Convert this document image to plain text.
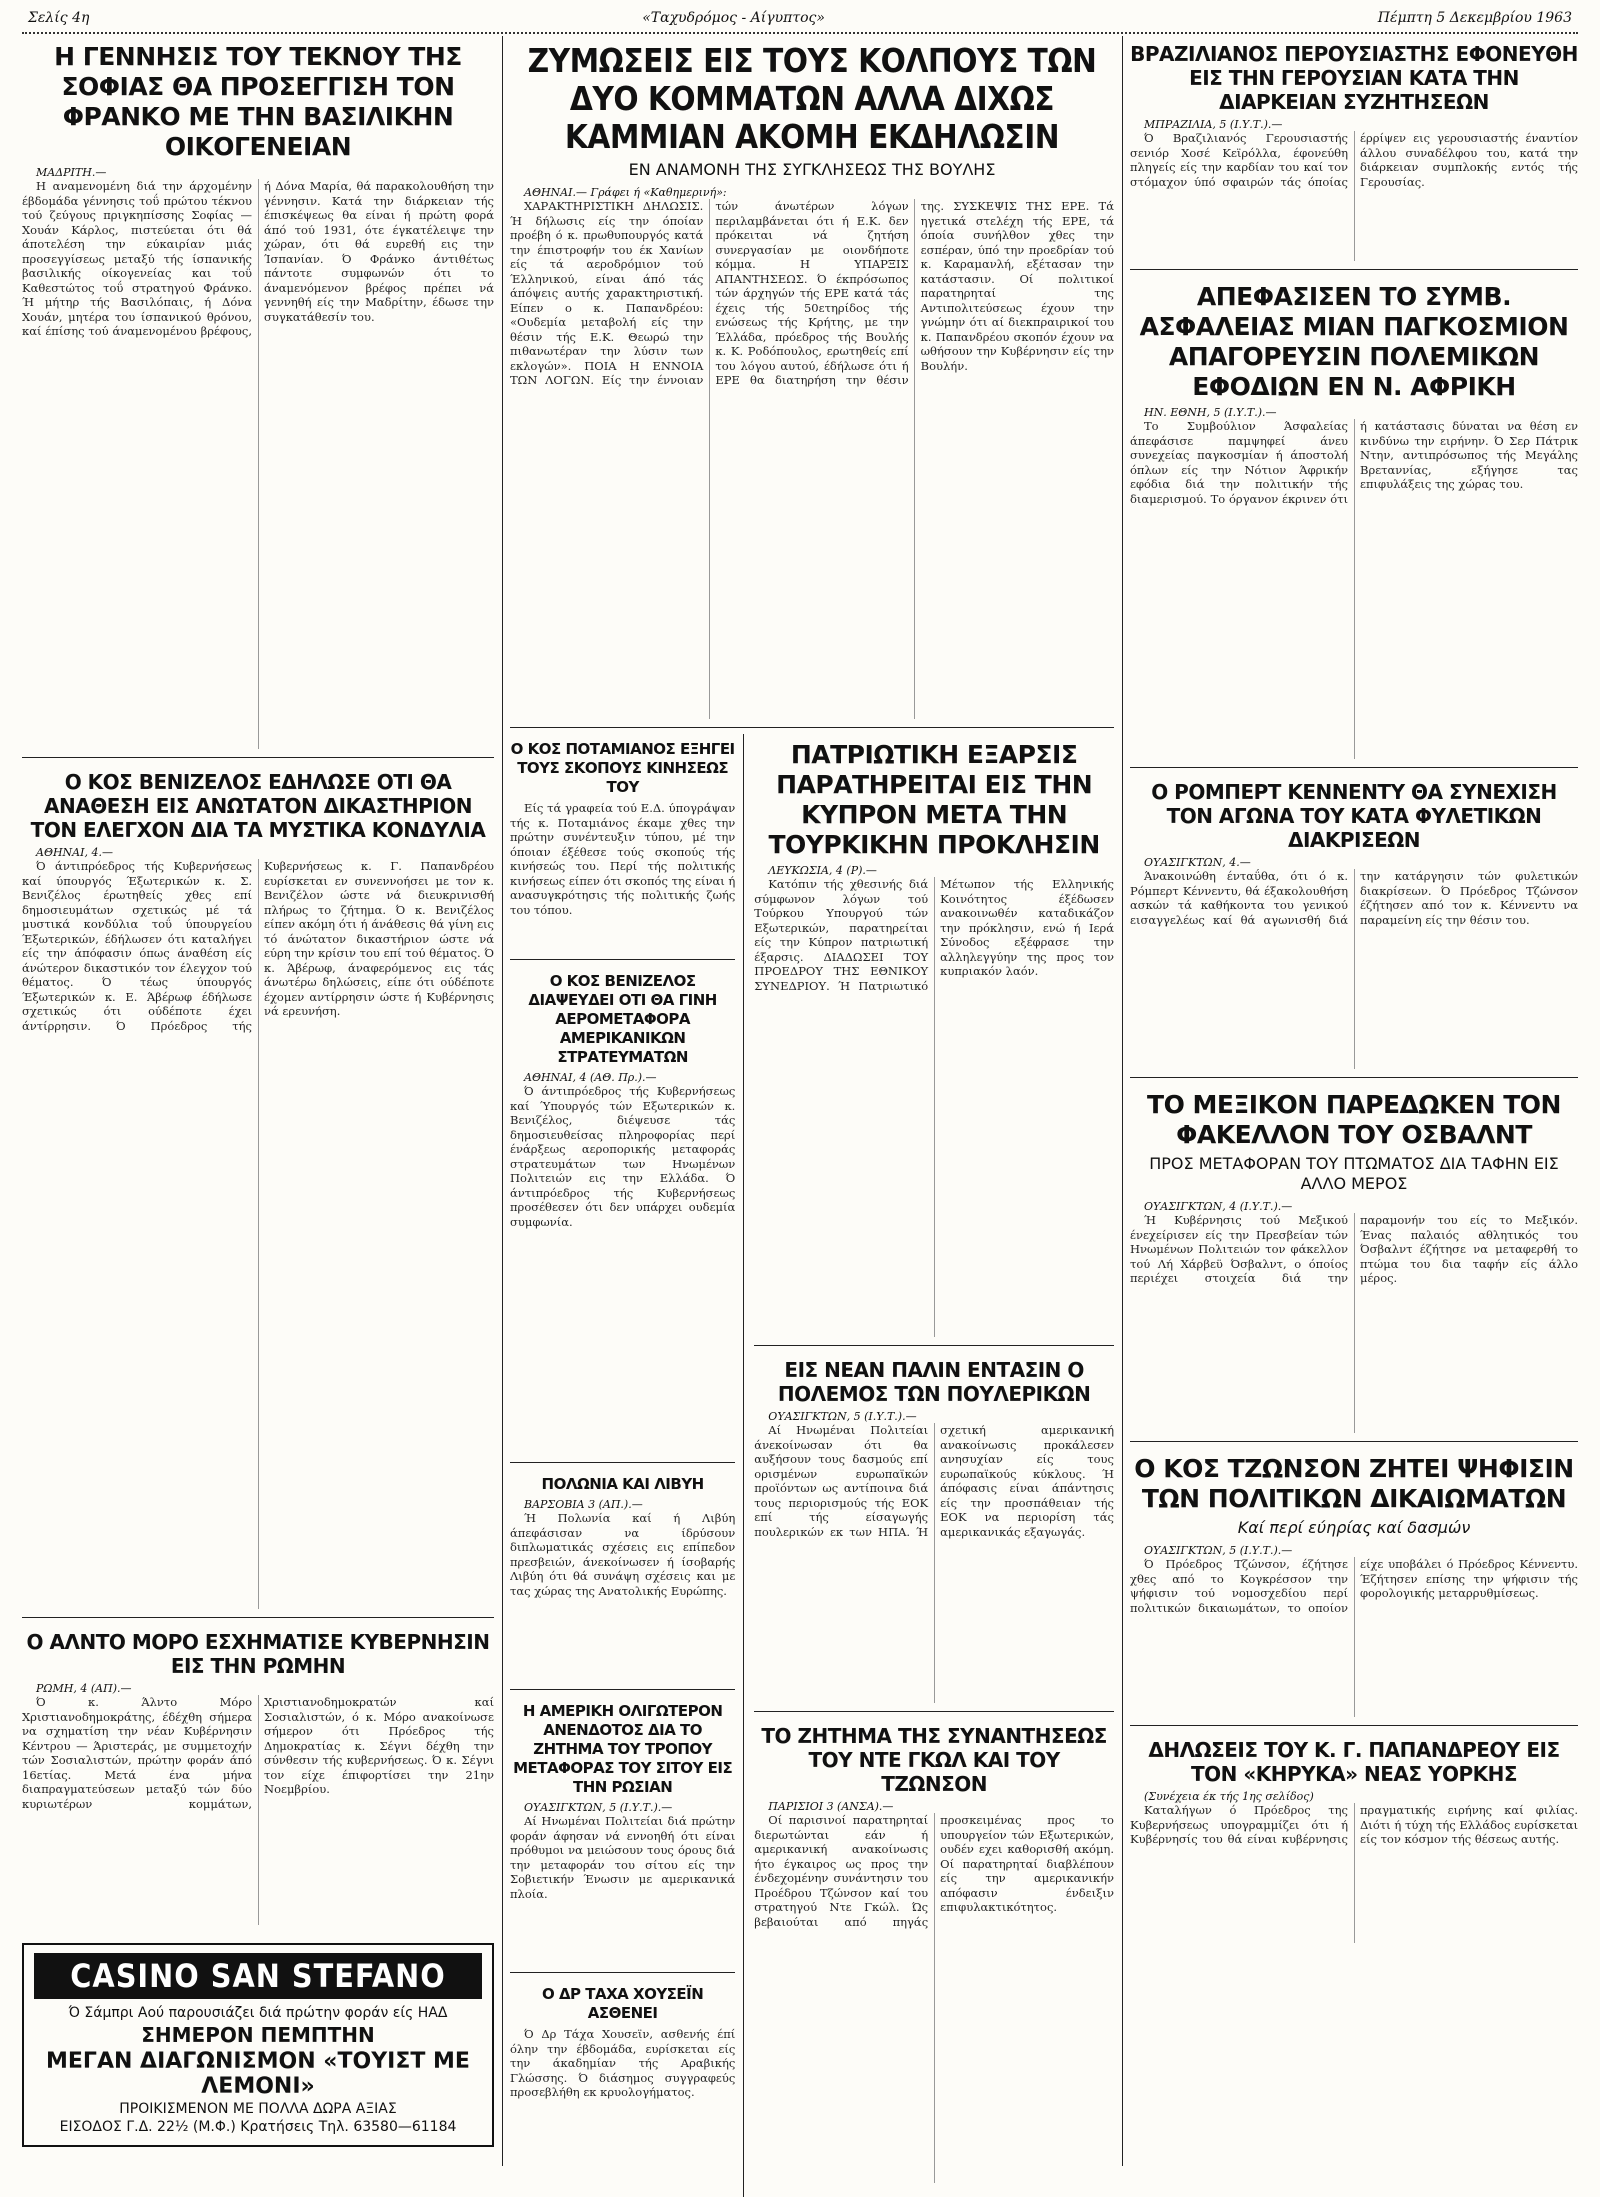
Σελίς 4η	«Ταχυδρόμος - Αίγυπτος»	Πέμπτη 5 Δεκεμβρίου 1963
Η ΓΕΝΝΗΣΙΣ ΤΟΥ ΤΕΚΝΟΥ ΤΗΣ ΣΟΦΙΑΣ ΘΑ ΠΡΟΣΕΓΓΙΣΗ ΤΟΝ ΦΡΑΝΚΟ ΜΕ ΤΗΝ ΒΑΣΙΛΙΚΗΝ ΟΙΚΟΓΕΝΕΙΑΝ

ΜΑΔΡΙΤΗ.—

Η αναμενομένη διά την άρχομένην έβδομάδα γέννησις τοΰ πρώτου τέκνου τού ζεύγους πριγκηπίσσης Σοφίας — Χουάν Κάρλος, πιστεύεται ότι θά άποτελέση την εύκαιρίαν μιάς προσεγγίσεως μεταξύ τής ίσπανικής βασιλικής οίκογενείας και τοΰ Καθεστώτος τοΰ στρατηγού Φράνκο. Ή μήτηρ τής Βασιλόπαις, ή Δόνα Χουάν, μητέρα του ίσπανικού θρόνου, καί έπίσης τού άναμενομένου βρέφους, ή Δόνα Μαρία, θά παρακολουθήση την γέννησιν. Κατά την διάρκειαν τής έπισκέψεως θα είναι ή πρώτη φορά άπό τού 1931, ότε έγκατέλειψε την χώραν, ότι θά ευρεθή εις την Ίσπανίαν. Ό Φράνκο άντιθέτως πάντοτε συμφωνών ότι το άναμενόμενον βρέφος πρέπει νά γεννηθή είς την Μαδρίτην, έδωσε την συγκατάθεσίν του.

Ο ΚΟΣ ΒΕΝΙΖΕΛΟΣ ΕΔΗΛΩΣΕ ΟΤΙ ΘΑ ΑΝΑΘΕΣΗ ΕΙΣ ΑΝΩΤΑΤΟΝ ΔΙΚΑΣΤΗΡΙΟΝ ΤΟΝ ΕΛΕΓΧΟΝ ΔΙΑ ΤΑ ΜΥΣΤΙΚΑ ΚΟΝΔΥΛΙΑ

ΑΘΗΝΑΙ, 4.—

Ό άντιπρόεδρος τής Κυβερνήσεως καί ύπουργός Έξωτερικών κ. Σ. Βενιζέλος έρωτηθείς χθες επί δημοσιευμάτων σχετικώς μέ τά μυστικά κονδύλια τοΰ ύπουργείου Έξωτερικών, έδήλωσεν ότι καταλήγει είς την άπόφασιν όπως άναθέση είς άνώτερον δικαστικόν τον έλεγχον τού θέματος. Ό τέως ύπουργός Έξωτερικών κ. Ε. Άβέρωφ έδήλωσε σχετικώς ότι ούδέποτε έχει άντίρρησιν. Ό Πρόεδρος τής Κυβερνήσεως κ. Γ. Παπανδρέου ευρίσκεται εν συνεννοήσει με τον κ. Βενιζέλον ώστε νά διευκρινισθή πλήρως το ζήτημα. Ό κ. Βενιζέλος είπεν ακόμη ότι ή άνάθεσις θά γίνη εις τό άνώτατον δικαστήριον ώστε νά εύρη την κρίσιν του επί τού θέματος. Ό κ. Άβέρωφ, άναφερόμενος εις τάς άνωτέρω δηλώσεις, είπε ότι ούδέποτε έχομεν αντίρρησιν ώστε ή Κυβέρνησις νά ερευνήση.

Ο ΑΛΝΤΟ ΜΟΡΟ ΕΣΧΗΜΑΤΙΣΕ ΚΥΒΕΡΝΗΣΙΝ ΕΙΣ ΤΗΝ ΡΩΜΗΝ

ΡΩΜΗ, 4 (ΑΠ).—

Ό κ. Άλντο Μόρο Χριστιανοδημοκράτης, έδέχθη σήμερα να σχηματίση την νέαν Κυβέρνησιν Κέντρου — Άριστεράς, με συμμετοχήν τών Σοσιαλιστών, πρώτην φοράν άπό 16ετίας. Μετά ένα μήνα διαπραγματεύσεων μεταξύ τών δύο κυριωτέρων κομμάτων, Χριστιανοδημοκρατών καί Σοσιαλιστών, ό κ. Μόρο ανακοίνωσε σήμερον ότι Πρόεδρος τής Δημοκρατίας κ. Σέγνι δέχθη την σύνθεσιν τής κυβερνήσεως. Ό κ. Σέγνι τον είχε έπιφορτίσει την 21ην Νοεμβρίου.

CASINO SAN STEFANO

Ό Σάμπρι Αού παρουσιάζει διά πρώτην φοράν είς ΗΑΔ

ΣΗΜΕΡΟΝ ΠΕΜΠΤΗΝ

ΜΕΓΑΝ ΔΙΑΓΩΝΙΣΜΟΝ «ΤΟΥΙΣΤ ΜΕ ΛΕΜΟΝΙ»

ΠΡΟΙΚΙΣΜΕΝΟΝ ΜΕ ΠΟΛΛΑ ΔΩΡΑ ΑΞΙΑΣ

ΕΙΣΟΔΟΣ Γ.Δ. 22½ (Μ.Φ.) Κρατήσεις Τηλ. 63580—61184

ΖΥΜΩΣΕΙΣ ΕΙΣ ΤΟΥΣ ΚΟΛΠΟΥΣ ΤΩΝ ΔΥΟ ΚΟΜΜΑΤΩΝ ΑΛΛΑ ΔΙΧΩΣ ΚΑΜΜΙΑΝ ΑΚΟΜΗ ΕΚΔΗΛΩΣΙΝ

ΕΝ ΑΝΑΜΟΝΗ ΤΗΣ ΣΥΓΚΛΗΣΕΩΣ ΤΗΣ ΒΟΥΛΗΣ

ΑΘΗΝΑΙ.— Γράφει ή «Καθημερινή»:

ΧΑΡΑΚΤΗΡΙΣΤΙΚΗ ΔΗΛΩΣΙΣ. Ή δήλωσις είς την όποίαν προέβη ό κ. πρωθυπουργός κατά την έπιστροφήν του έκ Χανίων είς τά αεροδρόμιον τού Έλληνικού, είναι άπό τάς άπόψεις αυτής χαρακτηριστική. Είπεν ο κ. Παπανδρέου: «Ουδεμία μεταβολή είς την θέσιν τής Ε.Κ. Θεωρώ την πιθανωτέραν την λύσιν των εκλογών». ΠΟΙΑ Η ΕΝΝΟΙΑ ΤΩΝ ΛΟΓΩΝ. Είς την έννοιαν τών άνωτέρων λόγων περιλαμβάνεται ότι ή Ε.Κ. δεν πρόκειται νά ζητήση συνεργασίαν με οιονδήποτε κόμμα. Η ΥΠΑΡΞΙΣ ΑΠΑΝΤΗΣΕΩΣ. Ό έκπρόσωπος τών άρχηγών τής ΕΡΕ κατά τάς έχεις τής 50ετηρίδος τής ενώσεως τής Κρήτης, με την Έλλάδα, πρόεδρος τής Βουλής κ. Κ. Ροδόπουλος, ερωτηθείς επί του λόγου αυτού, έδήλωσε ότι ή ΕΡΕ θα διατηρήση την θέσιν της. ΣΥΣΚΕΨΙΣ ΤΗΣ ΕΡΕ. Τά ηγετικά στελέχη τής ΕΡΕ, τά όποία συνήλθον χθες την εσπέραν, ύπό την προεδρίαν τού κ. Καραμανλή, εξέτασαν την κατάστασιν. Οί πολιτικοί παρατηρηταί της Αντιπολιτεύσεως έχουν την γνώμην ότι αί διεκπραιρικοί του κ. Παπανδρέου σκοπόν έχουν να ωθήσουν την Κυβέρνησιν είς την Βουλήν.

Ο ΚΟΣ ΠΟΤΑΜΙΑΝΟΣ ΕΞΗΓΕΙ ΤΟΥΣ ΣΚΟΠΟΥΣ ΚΙΝΗΣΕΩΣ ΤΟΥ

Είς τά γραφεία τού Ε.Δ. ύπογράψαν τής κ. Ποταμιάνος έκαμε χθες την πρώτην συνέντευξιν τύπου, μέ την όποιαν έξέθεσε τούς σκοπούς τής κινήσεώς του. Περί τής πολιτικής κινήσεως είπεν ότι σκοπός της είναι ή ανασυγκρότησις τής πολιτικής ζωής του τόπου.

Ο ΚΟΣ ΒΕΝΙΖΕΛΟΣ ΔΙΑΨΕΥΔΕΙ ΟΤΙ ΘΑ ΓΙΝΗ ΑΕΡΟΜΕΤΑΦΟΡΑ ΑΜΕΡΙΚΑΝΙΚΩΝ ΣΤΡΑΤΕΥΜΑΤΩΝ

ΑΘΗΝΑΙ, 4 (ΑΘ. Πρ.).—

Ό άντιπρόεδρος τής Κυβερνήσεως καί Ύπουργός τών Εξωτερικών κ. Βενιζέλος, διέψευσε τάς δημοσιευθείσας πληροφορίας περί ένάρξεως αεροπορικής μεταφοράς στρατευμάτων των Ηνωμένων Πολιτειών εις την Ελλάδα. Ό άντιπρόεδρος τής Κυβερνήσεως προσέθεσεν ότι δεν υπάρχει ουδεμία συμφωνία.

ΠΟΛΩΝΙΑ ΚΑΙ ΛΙΒΥΗ

ΒΑΡΣΟΒΙΑ 3 (ΑΠ.).—

Ή Πολωνία καί ή Λιβύη άπεφάσισαν να ίδρύσουν διπλωματικάς σχέσεις εις επίπεδον πρεσβειών, άνεκοίνωσεν ή ίσοβαρής Λιβύη ότι θά συνάψη σχέσεις και με τας χώρας της Ανατολικής Ευρώπης.

Η ΑΜΕΡΙΚΗ ΟΛΙΓΩΤΕΡΟΝ ΑΝΕΝΔΟΤΟΣ ΔΙΑ ΤΟ ΖΗΤΗΜΑ ΤΟΥ ΤΡΟΠΟΥ ΜΕΤΑΦΟΡΑΣ ΤΟΥ ΣΙΤΟΥ ΕΙΣ ΤΗΝ ΡΩΣΙΑΝ

ΟΥΑΣΙΓΚΤΩΝ, 5 (Ι.Υ.Τ.).—

Αί Ηνωμέναι Πολιτείαι διά πρώτην φοράν άφησαν νά εννοηθή ότι είναι πρόθυμοι να μειώσουν τους όρους διά την μεταφοράν του σίτου είς την Σοβιετικήν Ένωσιν με αμερικανικά πλοία.

Ο ΔΡ ΤΑΧΑ ΧΟΥΣΕΪΝ ΑΣΘΕΝΕΙ

Ό Δρ Τάχα Χουσεϊν, ασθενής έπί όλην την έβδομάδα, ευρίσκεται είς την άκαδημίαν τής Αραβικής Γλώσσης. Ό διάσημος συγγραφεύς προσεβλήθη εκ κρυολογήματος.

ΠΑΤΡΙΩΤΙΚΗ ΕΞΑΡΣΙΣ ΠΑΡΑΤΗΡΕΙΤΑΙ ΕΙΣ ΤΗΝ ΚΥΠΡΟΝ ΜΕΤΑ ΤΗΝ ΤΟΥΡΚΙΚΗΝ ΠΡΟΚΛΗΣΙΝ

ΛΕΥΚΩΣΙΑ, 4 (Ρ).—

Κατόπιν τής χθεσινής διά σύμφωνον λόγων τού Τούρκου Υπουργού τών Εξωτερικών, παρατηρείται είς την Κύπρον πατριωτική έξαρσις. ΔΙΑΔΩΣΕΙ ΤΟΥ ΠΡΟΕΔΡΟΥ ΤΗΣ ΕΘΝΙΚΟΥ ΣΥΝΕΔΡΙΟΥ. Ή Πατριωτικό Μέτωπον τής Ελληνικής Κοινότητος έξέδωσεν ανακοινωθέν καταδικάζον την πρόκλησιν, ενώ ή Ιερά Σύνοδος εξέφρασε την αλληλεγγύην της προς τον κυπριακόν λαόν.

ΕΙΣ ΝΕΑΝ ΠΑΛΙΝ ΕΝΤΑΣΙΝ Ο ΠΟΛΕΜΟΣ ΤΩΝ ΠΟΥΛΕΡΙΚΩΝ

ΟΥΑΣΙΓΚΤΩΝ, 5 (Ι.Υ.Τ.).—

Αί Ηνωμέναι Πολιτείαι άνεκοίνωσαν ότι θα αυξήσουν τους δασμούς επί ορισμένων ευρωπαϊκών προϊόντων ως αντίποινα διά τους περιορισμούς τής ΕΟΚ επί τής είσαγωγής πουλερικών εκ των ΗΠΑ. Ή σχετική αμερικανική ανακοίνωσις προκάλεσεν ανησυχίαν είς τους ευρωπαϊκούς κύκλους. Ή άπόφασις είναι άπάντησις είς την προσπάθειαν τής ΕΟΚ να περιορίση τάς αμερικανικάς εξαγωγάς.

ΤΟ ΖΗΤΗΜΑ ΤΗΣ ΣΥΝΑΝΤΗΣΕΩΣ ΤΟΥ ΝΤΕ ΓΚΩΛ ΚΑΙ ΤΟΥ ΤΖΩΝΣΟΝ

ΠΑΡΙΣΙΟΙ 3 (ΑΝΣΑ).—

Οί παρισινοί παρατηρηταί διερωτώνται εάν ή αμερικανική ανακοίνωσις ήτο έγκαιρος ως προς την ένδεχομένην συνάντησιν του Προέδρου Τζώνσον καί του στρατηγού Ντε Γκώλ. Ώς βεβαιούται από πηγάς προσκειμένας προς το υπουργείον τών Εξωτερικών, ουδέν εχει καθορισθή ακόμη. Οί παρατηρηταί διαβλέπουν είς την αμερικανικήν απόφασιν ένδειξιν επιφυλακτικότητος.

ΒΡΑΖΙΛΙΑΝΟΣ ΠΕΡΟΥΣΙΑΣΤΗΣ ΕΦΟΝΕΥΘΗ ΕΙΣ ΤΗΝ ΓΕΡΟΥΣΙΑΝ ΚΑΤΑ ΤΗΝ ΔΙΑΡΚΕΙΑΝ ΣΥΖΗΤΗΣΕΩΝ

ΜΠΡΑΖΙΛΙΑ, 5 (Ι.Υ.Τ.).—

Ό Βραζιλιανός Γερουσιαστής σενιόρ Χοσέ Κεϊρόλλα, έφονεύθη πληγείς είς την καρδίαν του καί τον στόμαχον ύπό σφαιρών τάς όποίας έρρίψεν εις γερουσιαστής έναντίον άλλου συναδέλφου του, κατά την διάρκειαν συμπλοκής εντός τής Γερουσίας.

ΑΠΕΦΑΣΙΣΕΝ ΤΟ ΣΥΜΒ. ΑΣΦΑΛΕΙΑΣ ΜΙΑΝ ΠΑΓΚΟΣΜΙΟΝ ΑΠΑΓΟΡΕΥΣΙΝ ΠΟΛΕΜΙΚΩΝ ΕΦΟΔΙΩΝ ΕΝ Ν. ΑΦΡΙΚΗ

ΗΝ. ΕΘΝΗ, 5 (Ι.Υ.Τ.).—

Το Συμβούλιον Άσφαλείας άπεφάσισε παμψηφεί άνευ συνεχείας παγκοσμίαν ή άποστολή όπλων είς την Νότιον Άφρικήν εφόδια διά την πολιτικήν τής διαμερισμού. Το όργανον έκρινεν ότι ή κατάστασις δύναται να θέση εν κινδύνω την ειρήνην. Ό Σερ Πάτρικ Ντην, αντιπρόσωπος τής Μεγάλης Βρεταννίας, εξήγησε τας επιφυλάξεις της χώρας του.

Ο ΡΟΜΠΕΡΤ ΚΕΝΝΕΝΤΥ ΘΑ ΣΥΝΕΧΙΣΗ ΤΟΝ ΑΓΩΝΑ ΤΟΥ ΚΑΤΑ ΦΥΛΕΤΙΚΩΝ ΔΙΑΚΡΙΣΕΩΝ

ΟΥΑΣΙΓΚΤΩΝ, 4.—

Άνακοινώθη ένταΰθα, ότι ό κ. Ρόμπερτ Κέννεντυ, θά έξακολουθήση ασκών τά καθήκοντα του γενικού εισαγγελέως καί θά αγωνισθή διά την κατάργησιν τών φυλετικών διακρίσεων. Ό Πρόεδρος Τζώνσον έζήτησεν από τον κ. Κέννεντυ να παραμείνη είς την θέσιν του.

ΤΟ ΜΕΞΙΚΟΝ ΠΑΡΕΔΩΚΕΝ ΤΟΝ ΦΑΚΕΛΛΟΝ ΤΟΥ ΟΣΒΑΛΝΤ

ΠΡΟΣ ΜΕΤΑΦΟΡΑΝ ΤΟΥ ΠΤΩΜΑΤΟΣ ΔΙΑ ΤΑΦΗΝ ΕΙΣ ΑΛΛΟ ΜΕΡΟΣ

ΟΥΑΣΙΓΚΤΩΝ, 4 (Ι.Υ.Τ.).—

Ή Κυβέρνησις τού Μεξικού ένεχείρισεν είς την Πρεσβείαν τών Ηνωμένων Πολιτειών τον φάκελλον τού Λή Χάρβεϋ Όσβαλντ, ο όποίος περιέχει στοιχεία διά την παραμονήν του είς το Μεξικόν. Ένας παλαιός αθλητικός του Όσβαλντ έζήτησε να μεταφερθή το πτώμα του δια ταφήν είς άλλο μέρος.

Ο ΚΟΣ ΤΖΩΝΣΟΝ ΖΗΤΕΙ ΨΗΦΙΣΙΝ ΤΩΝ ΠΟΛΙΤΙΚΩΝ ΔΙΚΑΙΩΜΑΤΩΝ

Καί περί εύηρίας καί δασμών

ΟΥΑΣΙΓΚΤΩΝ, 5 (Ι.Υ.Τ.).—

Ό Πρόεδρος Τζώνσον, έζήτησε χθες από το Κογκρέσσον την ψήφισιν τού νομοσχεδίου περί πολιτικών δικαιωμάτων, το οποίον είχε υποβάλει ό Πρόεδρος Κέννεντυ. Έζήτησεν επίσης την ψήφισιν τής φορολογικής μεταρρυθμίσεως.

ΔΗΛΩΣΕΙΣ ΤΟΥ Κ. Γ. ΠΑΠΑΝΔΡΕΟΥ ΕΙΣ ΤΟΝ «ΚΗΡΥΚΑ» ΝΕΑΣ ΥΟΡΚΗΣ

(Συνέχεια έκ τής 1ης σελίδος)

Καταλήγων ό Πρόεδρος της Κυβερνήσεως υπογραμμίζει ότι ή Κυβέρνησίς του θά είναι κυβέρνησις πραγματικής ειρήνης καί φιλίας. Διότι ή τύχη τής Ελλάδος ευρίσκεται είς τον κόσμον τής θέσεως αυτής.
